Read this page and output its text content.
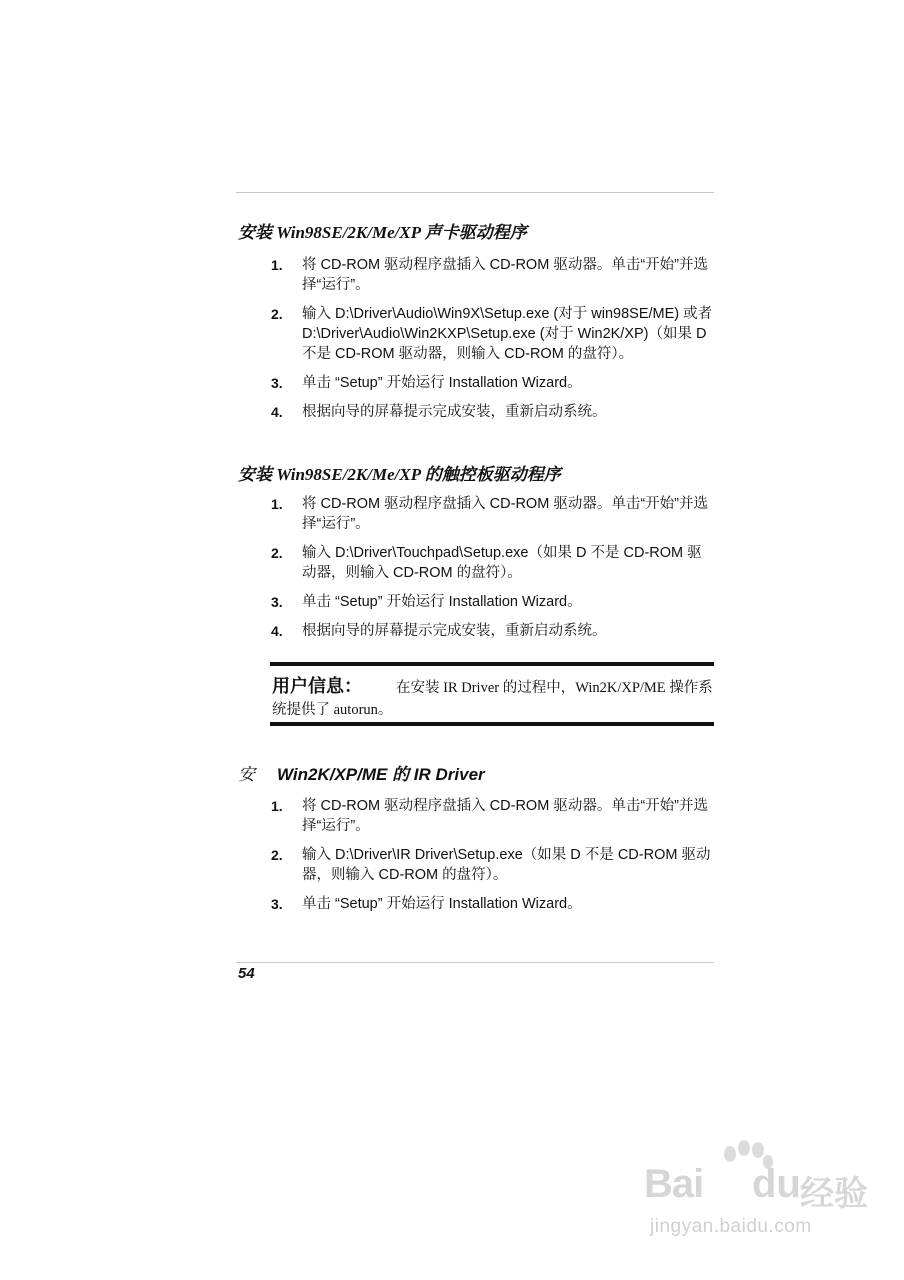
安装 Win98SE/2K/Me/XP 声卡驱动程序
1. 将 CD-ROM 驱动程序盘插入 CD-ROM 驱动器。单击“开始”并选择“运行”。
2. 输入 D:\Driver\Audio\Win9X\Setup.exe (对于 win98SE/ME) 或者 D:\Driver\Audio\Win2KXP\Setup.exe (对于 Win2K/XP)（如果 D 不是 CD-ROM 驱动器，则输入 CD-ROM 的盘符）。
3. 单击 “Setup” 开始运行 Installation Wizard。
4. 根据向导的屏幕提示完成安装，重新启动系统。
安装 Win98SE/2K/Me/XP 的触控板驱动程序
1. 将 CD-ROM 驱动程序盘插入 CD-ROM 驱动器。单击“开始”并选择“运行”。
2. 输入 D:\Driver\Touchpad\Setup.exe（如果 D 不是 CD-ROM 驱动器，则输入 CD-ROM 的盘符）。
3. 单击 “Setup” 开始运行 Installation Wizard。
4. 根据向导的屏幕提示完成安装，重新启动系统。
用户信息： 在安装 IR Driver 的过程中，Win2K/XP/ME 操作系统提供了 autorun。
安 Win2K/XP/ME 的 IR Driver
1. 将 CD-ROM 驱动程序盘插入 CD-ROM 驱动器。单击“开始”并选择“运行”。
2. 输入 D:\Driver\IR Driver\Setup.exe（如果 D 不是 CD-ROM 驱动器，则输入 CD-ROM 的盘符）。
3. 单击 “Setup” 开始运行 Installation Wizard。
54
Bai du 经验
jingyan.baidu.com
